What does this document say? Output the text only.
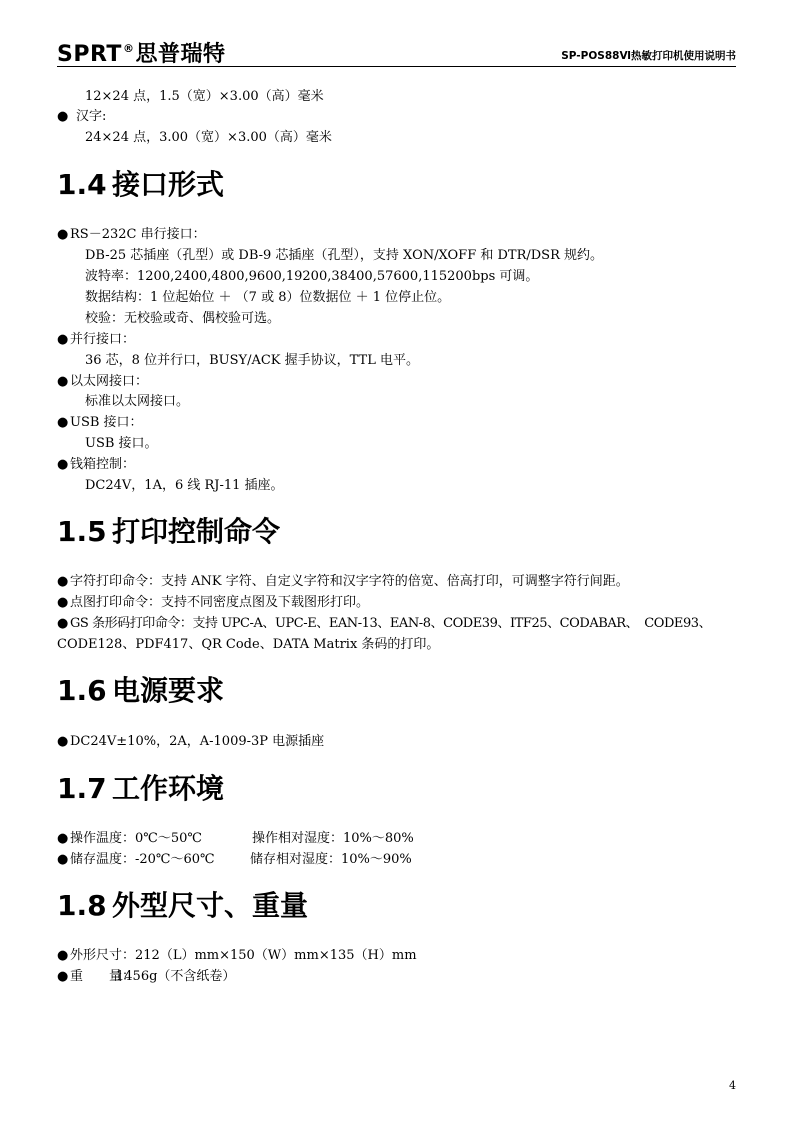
SPRT®思普瑞特	SP-POS88Ⅵ热敏打印机使用说明书
12×24 点，1.5（宽）×3.00（高）毫米
● 汉字:
24×24 点，3.00（宽）×3.00（高）毫米
1.4 接口形式
● RS－232C 串行接口：
DB-25 芯插座（孔型）或 DB-9 芯插座（孔型），支持 XON/XOFF 和 DTR/DSR 规约。
波特率：1200,2400,4800,9600,19200,38400,57600,115200bps 可调。
数据结构：1 位起始位 ＋ （7 或 8）位数据位 ＋ 1 位停止位。
校验：无校验或奇、偶校验可选。
● 并行接口：
36 芯，8 位并行口，BUSY/ACK 握手协议，TTL 电平。
● 以太网接口：
标准以太网接口。
● USB 接口：
USB 接口。
● 钱箱控制：
DC24V，1A，6 线 RJ-11 插座。
1.5 打印控制命令
● 字符打印命令：支持 ANK 字符、自定义字符和汉字字符的倍宽、倍高打印，可调整字符行间距。
● 点图打印命令：支持不同密度点图及下载图形打印。
● GS 条形码打印命令：支持 UPC-A、UPC-E、EAN-13、EAN-8、CODE39、ITF25、CODABAR、　CODE93、
CODE128、PDF417、QR Code、DATA Matrix 条码的打印。
1.6 电源要求
● DC24V±10%，2A，A-1009-3P 电源插座
1.7 工作环境
● 操作温度：0℃～50℃	操作相对湿度：10%～80%
● 储存温度：-20℃～60℃	储存相对湿度：10%～90%
1.8 外型尺寸、重量
● 外形尺寸：212（L）mm×150（W）mm×135（H）mm
● 重　　量：
1456g（不含纸卷）
4
